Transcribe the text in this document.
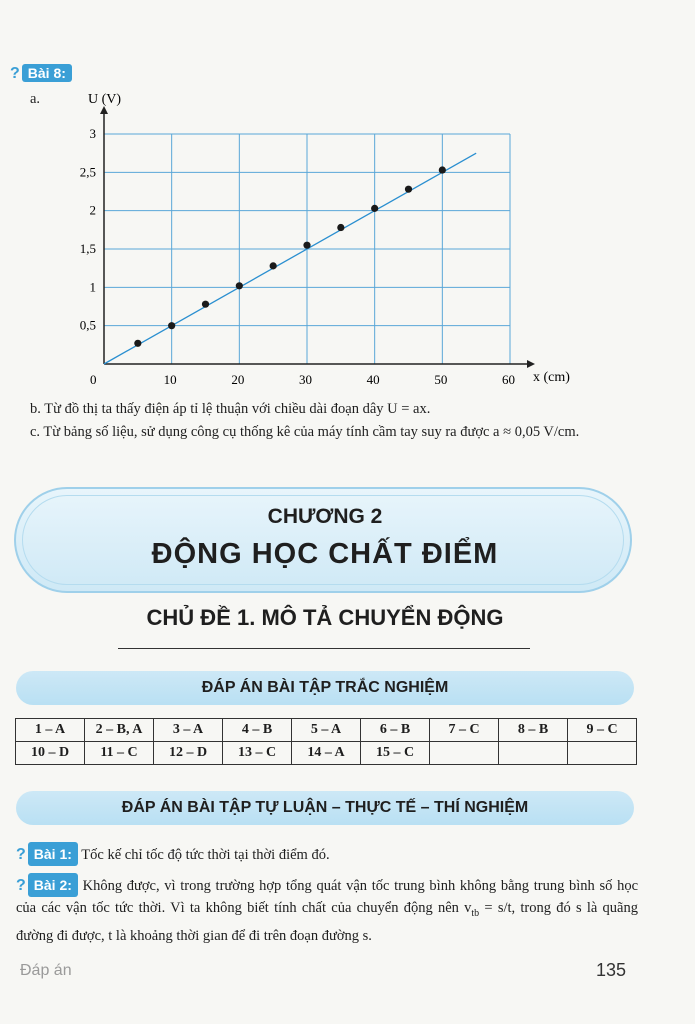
? Bài 8:
a.
0	10	20	30	40	50	60
0,5
1
1,5
2
2,5
3
U (V)
x (cm)
b. Từ đồ thị ta thấy điện áp tỉ lệ thuận với chiều dài đoạn dây U = ax.
c. Từ bảng số liệu, sử dụng công cụ thống kê của máy tính cầm tay suy ra được a ≈ 0,05 V/cm.
CHƯƠNG 2
ĐỘNG HỌC CHẤT ĐIỂM
CHỦ ĐỀ 1. MÔ TẢ CHUYỂN ĐỘNG
ĐÁP ÁN BÀI TẬP TRẮC NGHIỆM
1 – A	2 – B, A	3 – A	4 – B	5 – A	6 – B	7 – C	8 – B	9 – C
10 – D	11 – C	12 – D	13 – C	14 – A	15 – C			
ĐÁP ÁN BÀI TẬP TỰ LUẬN – THỰC TẾ – THÍ NGHIỆM
? Bài 1: Tốc kế chỉ tốc độ tức thời tại thời điểm đó.
? Bài 2: Không được, vì trong trường hợp tổng quát vận tốc trung bình không bằng trung bình số học của các vận tốc tức thời. Vì ta không biết tính chất của chuyển động nên $v_{tb} = s/t$, trong đó s là quãng đường đi được, t là khoảng thời gian để đi trên đoạn đường s.
Đáp án	135
